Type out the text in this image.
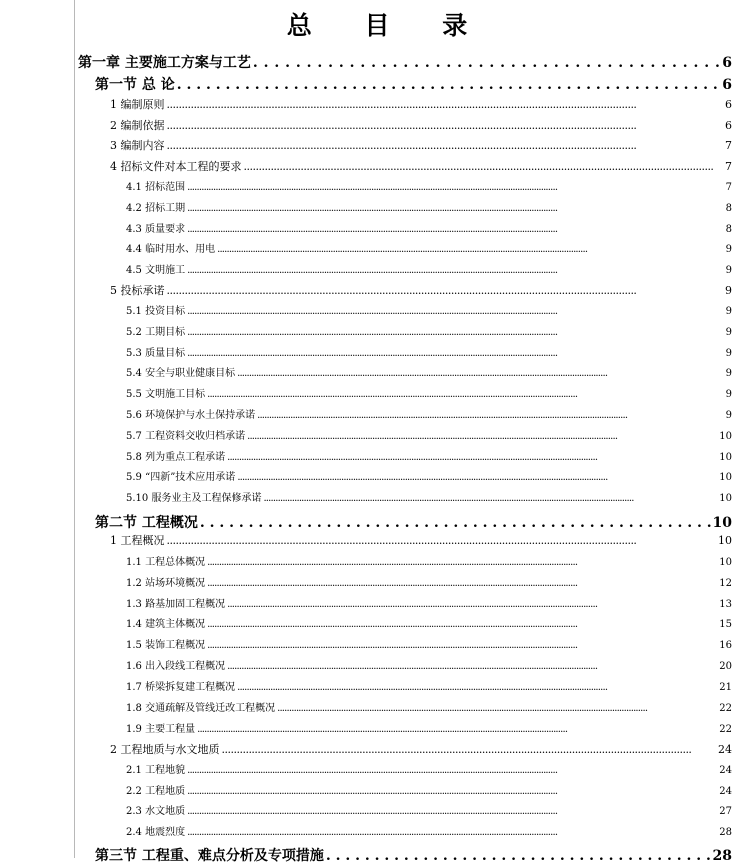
总 目 录
第一章 主要施工方案与工艺 . . .	6
第一节 总 论 . . .	6
1 编制原则 . . .	6
2 编制依据 . . .	6
3 编制内容 . . .	7
4 招标文件对本工程的要求 . . .	7
4.1 招标范围 . . .	7
4.2 招标工期 . . .	8
4.3 质量要求 . . .	8
4.4 临时用水、用电 . . .	9
4.5 文明施工 . . .	9
5 投标承诺 . . .	9
5.1 投资目标 . . .	9
5.2 工期目标 . . .	9
5.3 质量目标 . . .	9
5.4 安全与职业健康目标 . . .	9
5.5 文明施工目标 . . .	9
5.6 环境保护与水土保持承诺 . . .	9
5.7 工程资料交收归档承诺 . . .	10
5.8 列为重点工程承诺 . . .	10
5.9 “四新”技术应用承诺 . . .	10
5.10 服务业主及工程保修承诺 . . .	10
第二节 工程概况 . . .	10
1 工程概况 . . .	10
1.1 工程总体概况 . . .	10
1.2 站场环境概况 . . .	12
1.3 路基加固工程概况 . . .	13
1.4 建筑主体概况 . . .	15
1.5 装饰工程概况 . . .	16
1.6 出入段线工程概况 . . .	20
1.7 桥梁拆复建工程概况 . . .	21
1.8 交通疏解及管线迁改工程概况 . . .	22
1.9 主要工程量 . . .	22
2 工程地质与水文地质 . . .	24
2.1 工程地貌 . . .	24
2.2 工程地质 . . .	24
2.3 水文地质 . . .	27
2.4 地震烈度 . . .	28
第三节 工程重、难点分析及专项措施 . . .	28
